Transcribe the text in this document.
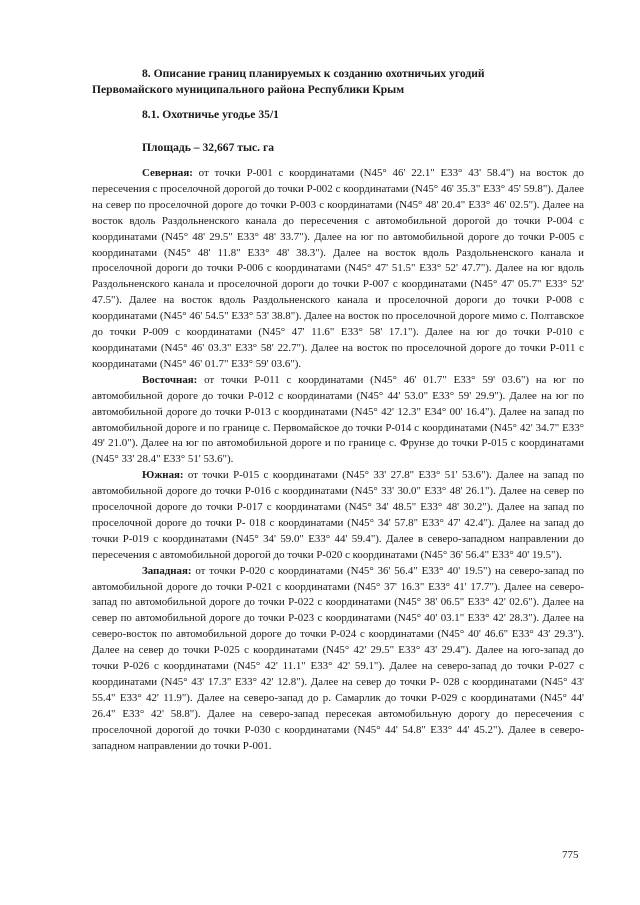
8. Описание границ планируемых к созданию охотничьих угодий
Первомайского муниципального района Республики Крым
8.1. Охотничье угодье 35/1
Площадь – 32,667 тыс. га

Северная: от точки Р-001 с координатами (N45° 46' 22.1" E33° 43' 58.4") на восток до пересечения с проселочной дорогой до точки Р-002 с координатами (N45° 46' 35.3" E33° 45' 59.8"). Далее на север по проселочной дороге до точки Р-003 с координатами (N45° 48' 20.4" E33° 46' 02.5"). Далее на восток вдоль Раздольненского канала до пересечения с автомобильной дорогой до точки Р-004 с координатами (N45° 48' 29.5" E33° 48' 33.7"). Далее на юг по автомобильной дороге до точки Р-005 с координатами (N45° 48' 11.8" E33° 48' 38.3"). Далее на восток вдоль Раздольненского канала и проселочной дороги до точки Р-006 с координатами (N45° 47' 51.5" E33° 52' 47.7"). Далее на юг вдоль Раздольненского канала и проселочной дороги до точки Р-007 с координатами (N45° 47' 05.7" E33° 52' 47.5"). Далее на восток вдоль Раздольненского канала и проселочной дороги до точки Р-008 с координатами (N45° 46' 54.5" E33° 53' 38.8"). Далее на восток по проселочной дороге мимо с. Полтавское до точки Р-009 с координатами (N45° 47' 11.6" E33° 58' 17.1"). Далее на юг до точки Р-010 с координатами (N45° 46' 03.3" E33° 58' 22.7"). Далее на восток по проселочной дороге до точки Р-011 с координатами (N45° 46' 01.7" E33° 59' 03.6").

Восточная: от точки Р-011 с координатами (N45° 46' 01.7" E33° 59' 03.6") на юг по автомобильной дороге до точки Р-012 с координатами (N45° 44' 53.0" E33° 59' 29.9"). Далее на юг по автомобильной дороге до точки Р-013 с координатами (N45° 42' 12.3" E34° 00' 16.4"). Далее на запад по автомобильной дороге и по границе с. Первомайское до точки Р-014 с координатами (N45° 42' 34.7" E33° 49' 21.0"). Далее на юг по автомобильной дороге и по границе с. Фрунзе до точки Р-015 с координатами (N45° 33' 28.4" E33° 51' 53.6").

Южная: от точки Р-015 с координатами (N45° 33' 27.8" E33° 51' 53.6"). Далее на запад по автомобильной дороге до точки Р-016 с координатами (N45° 33' 30.0" E33° 48' 26.1"). Далее на север по проселочной дороге до точки Р-017 с координатами (N45° 34' 48.5" E33° 48' 30.2"). Далее на запад по проселочной дороге до точки Р- 018 с координатами (N45° 34' 57.8" E33° 47' 42.4"). Далее на запад до точки Р-019 с координатами (N45° 34' 59.0" E33° 44' 59.4"). Далее в северо-западном направлении до пересечения с автомобильной дорогой до точки Р-020 с координатами (N45° 36' 56.4" E33° 40' 19.5").

Западная: от точки Р-020 с координатами (N45° 36' 56.4" E33° 40' 19.5") на северо-запад по автомобильной дороге до точки Р-021 с координатами (N45° 37' 16.3" E33° 41' 17.7"). Далее на северо-запад по автомобильной дороге до точки Р-022 с координатами (N45° 38' 06.5" E33° 42' 02.6"). Далее на север по автомобильной дороге до точки Р-023 с координатами (N45° 40' 03.1" E33° 42' 28.3"). Далее на северо-восток по автомобильной дороге до точки Р-024 с координатами (N45° 40' 46.6" E33° 43' 29.3"). Далее на север до точки Р-025 с координатами (N45° 42' 29.5" E33° 43' 29.4"). Далее на юго-запад до точки Р-026 с координатами (N45° 42' 11.1" E33° 42' 59.1"). Далее на северо-запад до точки Р-027 с координатами (N45° 43' 17.3" E33° 42' 12.8"). Далее на север до точки Р- 028 с координатами (N45° 43' 55.4" E33° 42' 11.9"). Далее на северо-запад до р. Самарлик до точки Р-029 с координатами (N45° 44' 26.4" E33° 42' 58.8"). Далее на северо-запад пересекая автомобильную дорогу до пересечения с проселочной дорогой до точки Р-030 с координатами (N45° 44' 54.8" E33° 44' 45.2"). Далее в северо-западном направлении до точки Р-001.

775
